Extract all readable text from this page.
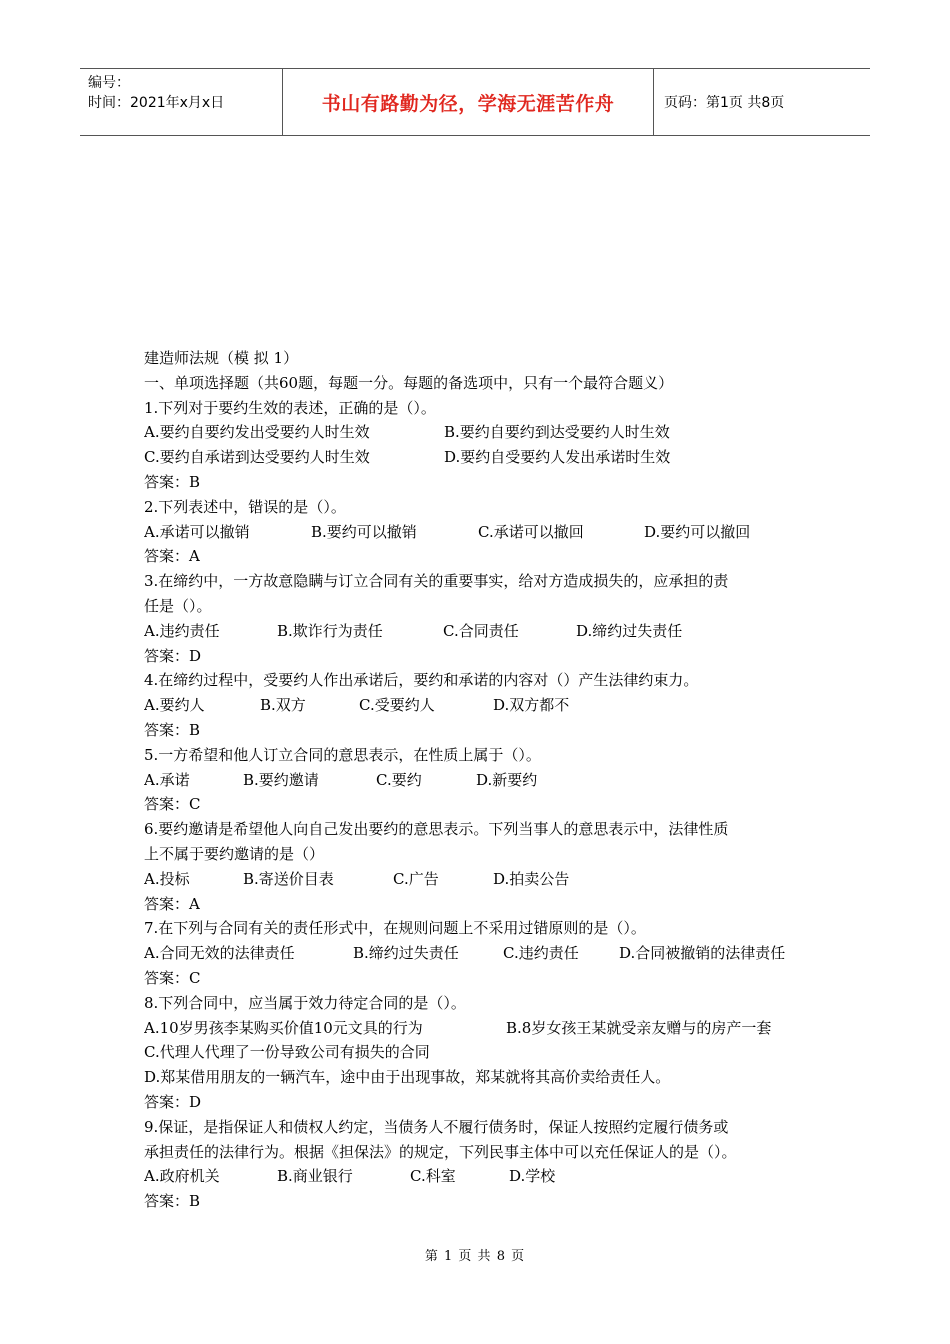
编号：
时间：2021年x月x日	书山有路勤为径，学海无涯苦作舟	页码：第1页 共8页
建造师法规（模 拟 1）
一、单项选择题（共60题，每题一分。每题的备选项中，只有一个最符合题义）
1.下列对于要约生效的表述，正确的是（）。
A.要约自要约发出受要约人时生效	B.要约自要约到达受要约人时生效
C.要约自承诺到达受要约人时生效	D.要约自受要约人发出承诺时生效
答案：B
2.下列表述中，错误的是（）。
A.承诺可以撤销	B.要约可以撤销	C.承诺可以撤回	D.要约可以撤回
答案：A
3.在缔约中，一方故意隐瞒与订立合同有关的重要事实，给对方造成损失的，应承担的责
任是（）。
A.违约责任	B.欺诈行为责任	C.合同责任	D.缔约过失责任
答案：D
4.在缔约过程中，受要约人作出承诺后，要约和承诺的内容对（）产生法律约束力。
A.要约人	B.双方	C.受要约人	D.双方都不
答案：B
5.一方希望和他人订立合同的意思表示，在性质上属于（）。
A.承诺	B.要约邀请	C.要约	D.新要约
答案：C
6.要约邀请是希望他人向自己发出要约的意思表示。下列当事人的意思表示中，法律性质
上不属于要约邀请的是（）
A.投标	B.寄送价目表	C.广告	D.拍卖公告
答案：A
7.在下列与合同有关的责任形式中，在规则问题上不采用过错原则的是（）。
A.合同无效的法律责任	B.缔约过失责任	C.违约责任	D.合同被撤销的法律责任
答案：C
8.下列合同中，应当属于效力待定合同的是（）。
A.10岁男孩李某购买价值10元文具的行为	B.8岁女孩王某就受亲友赠与的房产一套
C.代理人代理了一份导致公司有损失的合同
D.郑某借用朋友的一辆汽车，途中由于出现事故，郑某就将其高价卖给责任人。
答案：D
9.保证，是指保证人和债权人约定，当债务人不履行债务时，保证人按照约定履行债务或
承担责任的法律行为。根据《担保法》的规定，下列民事主体中可以充任保证人的是（）。
A.政府机关	B.商业银行	C.科室	D.学校
答案：B
第 1 页 共 8 页
